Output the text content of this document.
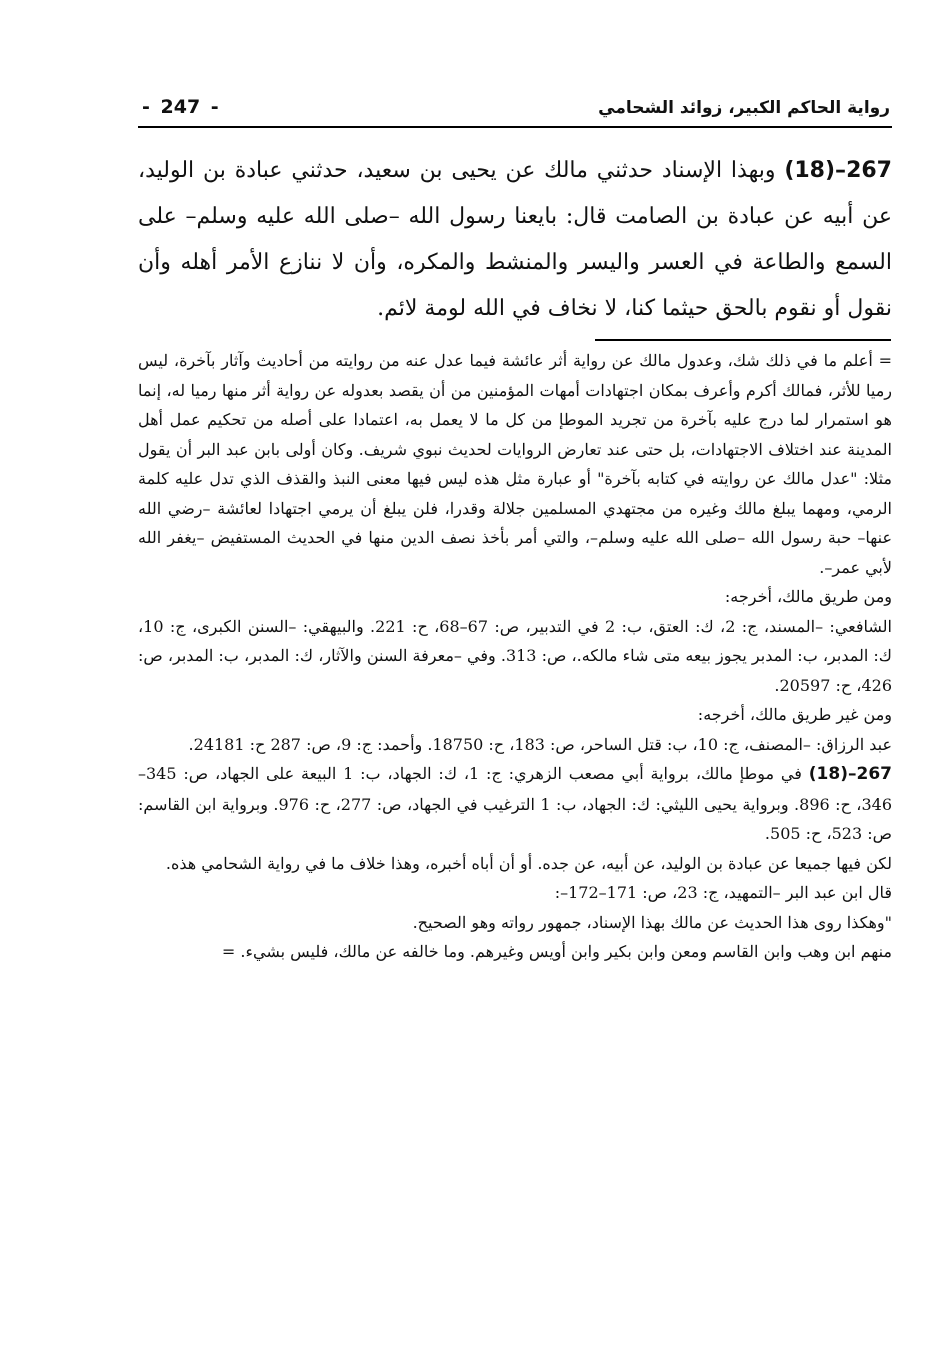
رواية الحاكم الكبير، زوائد الشحامي
- 247 -
267–(18) وبهذا الإسناد حدثني مالك عن يحيى بن سعيد، حدثني عبادة بن الوليد، عن أبيه عن عبادة بن الصامت قال: بايعنا رسول الله –صلى الله عليه وسلم– على السمع والطاعة في العسر واليسر والمنشط والمكره، وأن لا ننازع الأمر أهله وأن نقول أو نقوم بالحق حيثما كنا، لا نخاف في الله لومة لائم.

= أعلم ما في ذلك شك، وعدول مالك عن رواية أثر عائشة فيما عدل عنه من روايته من أحاديث وآثار بآخرة، ليس رميا للأثر، فمالك أكرم وأعرف بمكان اجتهادات أمهات المؤمنين من أن يقصد بعدوله عن رواية أثر منها رميا له، إنما هو استمرار لما درج عليه بآخرة من تجريد الموطإ من كل ما لا يعمل به، اعتمادا على أصله من تحكيم عمل أهل المدينة عند اختلاف الاجتهادات، بل حتى عند تعارض الروايات لحديث نبوي شريف. وكان أولى بابن عبد البر أن يقول مثلا: "عدل مالك عن روايته في كتابه بآخرة" أو عبارة مثل هذه ليس فيها معنى النبذ والقذف الذي تدل عليه كلمة الرمي، ومهما يبلغ مالك وغيره من مجتهدي المسلمين جلالة وقدرا، فلن يبلغ أن يرمي اجتهادا لعائشة –رضي الله عنها– حبة رسول الله –صلى الله عليه وسلم–، والتي أمر بأخذ نصف الدين منها في الحديث المستفيض –يغفر الله لأبي عمر–.

ومن طريق مالك، أخرجه:

الشافعي: –المسند، ج: 2، ك: العتق، ب: 2 في التدبير، ص: 67–68، ح: 221. والبيهقي: –السنن الكبرى، ج: 10، ك: المدبر، ب: المدبر يجوز بيعه متى شاء مالكه.، ص: 313. وفي –معرفة السنن والآثار، ك: المدبر، ب: المدبر، ص: 426، ح: 20597.

ومن غير طريق مالك، أخرجه:

عبد الرزاق: –المصنف، ج: 10، ب: قتل الساحر، ص: 183، ح: 18750. وأحمد: ج: 9، ص: 287 ح: 24181.

267–(18) في موطإ مالك، برواية أبي مصعب الزهري: ج: 1، ك: الجهاد، ب: 1 البيعة على الجهاد، ص: 345–346، ح: 896. وبرواية يحيى الليثي: ك: الجهاد، ب: 1 الترغيب في الجهاد، ص: 277، ح: 976. وبرواية ابن القاسم: ص: 523، ح: 505.

لكن فيها جميعا عن عبادة بن الوليد، عن أبيه، عن جده. أو أن أباه أخبره، وهذا خلاف ما في رواية الشحامي هذه.

قال ابن عبد البر –التمهيد، ج: 23، ص: 171–172–:

"وهكذا روى هذا الحديث عن مالك بهذا الإسناد، جمهور رواته وهو الصحيح.

منهم ابن وهب وابن القاسم ومعن وابن بكير وابن أويس وغيرهم. وما خالفه عن مالك، فليس بشيء. =
